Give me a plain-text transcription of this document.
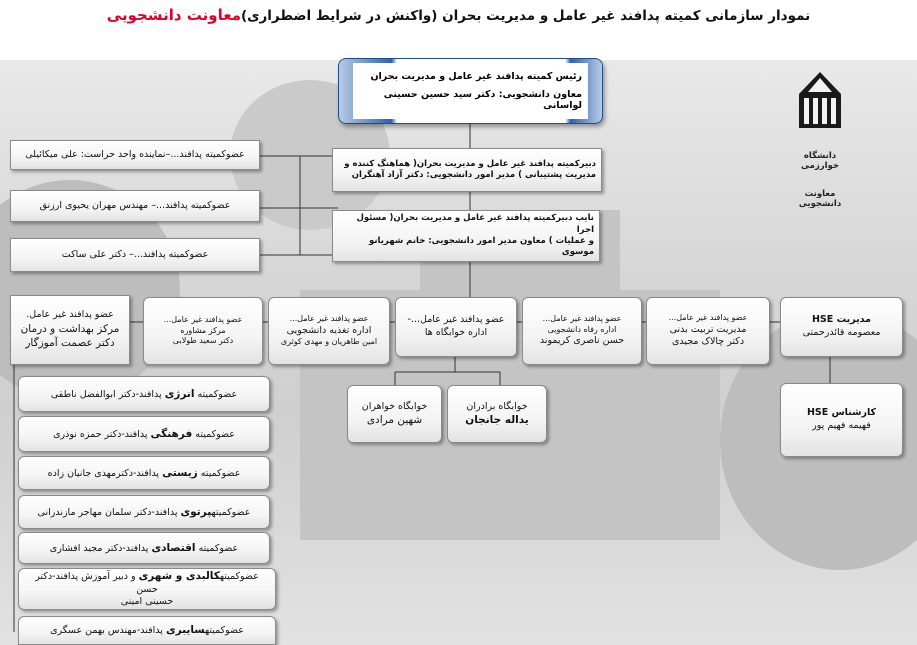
نمودار سازمانی کمیته پدافند غیر عامل و مدیریت بحران (واکنش در شرایط اضطراری)معاونت دانشجویی
رئیس کمیته پدافند غیر عامل و مدیریت بحران
معاون دانشجویی: دکتر سید حسین حسینی لواسانی
دانشگاه خوارزمی
معاونت دانشجویی
دبیرکمیته پدافند غیر عامل و مدیریت بحران( هماهنگ کننده و
مدیریت پشتیبانی ) مدیر امور دانشجویی: دکتر آزاد آهنگران
نایب دبیرکمیته پدافند غیر عامل و مدیریت بحران( مسئول اجرا
و عملیات ) معاون مدیر امور دانشجویی: خانم شهریانو موسوی
عضوکمیته پدافند...–نماینده واحد حراست: علی میکائیلی
عضوکمیته پدافند...– مهندس مهران یحیوی ارزنق
عضوکمیته پدافند...– دکتر علی ساکت
عضو پدافند غیر عامل.
مرکز بهداشت و درمان
دکتر عصمت آموزگار
عضو پدافند غیر عامل...
مرکز مشاوره
دکتر سعید طولابی
عضو پدافند غیر عامل...
اداره تغذیه دانشجویی
امین طاهریان و مهدی کوثری
عضو پدافند غیر عامل...-
اداره خوابگاه ها
عضو پدافند غیر عامل...
اداره رفاه دانشجویی
حسن ناصری کریموند
عضو پدافند غیر عامل...
مدیریت تربیت بدنی
دکتر چالاک مجیدی
مدیریت HSE
معصومه قائدرحمتی
خوابگاه خواهران
شهین مرادی
خوابگاه برادران
یداله جانجان
کارشناس HSE
فهیمه فهیم پور
عضوکمیته انرژی پدافند-دکتر ابوالفضل ناطقی
عضوکمیته فرهنگی پدافند-دکتر حمزه نوذری
عضوکمیته زیستی پدافند-دکترمهدی جانیان زاده
عضوکمیتهپرتوی پدافند-دکتر سلمان مهاجر مازندرانی
عضوکمیته اقتصادی پدافند-دکتر مجید افشاری
عضوکمیتهکالبدی و شهری و دبیر آموزش پدافند-دکتر حسن
حسینی امینی
عضوکمیتهسایبری پدافند-مهندس بهمن عسگری
